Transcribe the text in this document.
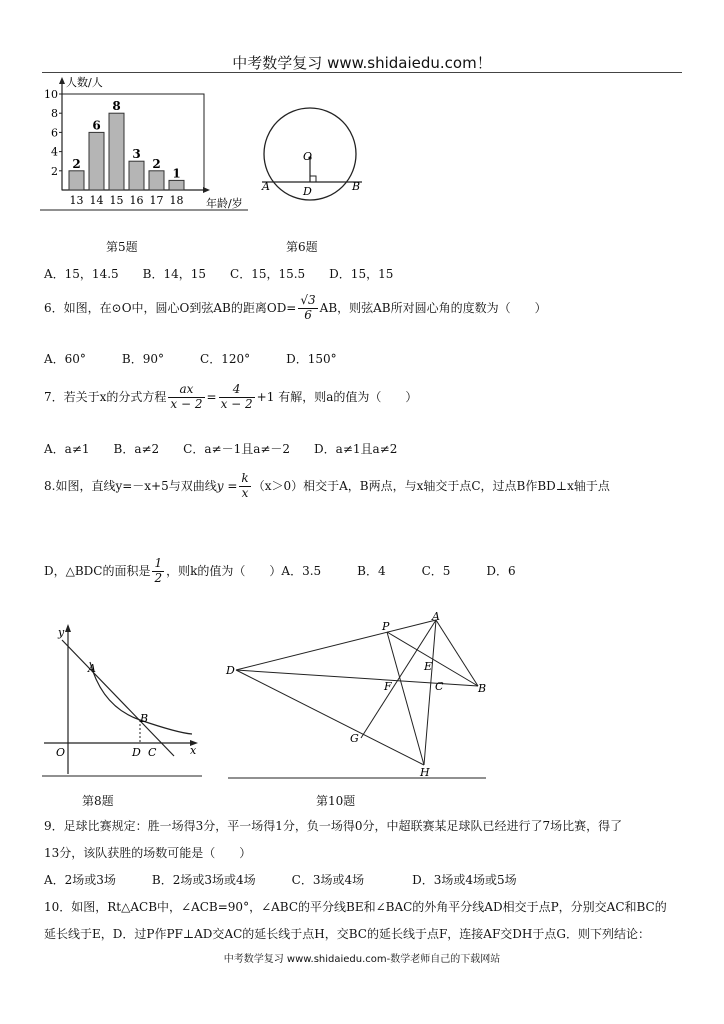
中考数学复习 www.shidaiedu.com！
2
4
6
8
10
2
13
6
14
8
15
3
16
2
17
1
18
人数/人
年龄/岁
O
A	D	B
第5题	第6题
A．15，14.5　　B．14，15　　C．15，15.5　　D．15，15
6．如图，在⊙O中，圆心O到弦AB的距离$OD= \frac{√3}{6}$ AB，则弦AB所对圆心角的度数为（　　）
A．60°　　　B．90°　　　C．120°　　　D．150°
7．若关于x的分式方程 $\frac{ax}{x - 2} = \frac{4}{x - 2} +1$ 有解，则a的值为（　　）
A．a≠1　　B．a≠2　　C．a≠－1且a≠－2　　D．a≠1且a≠2
8.如图，直线y=－x+5与双曲线$y = \frac{k}{x} (x>0)$相交于A，B两点，与x轴交于点C，过点B作BD⊥x轴于点
D，△BDC的面积是 $\frac{1}{2}$ ，则k的值为（　　）A．3.5　　　B．4　　　C．5　　　D．6
y
A
B
O	D C	x
P
A
D	E
F	C	B
G
H
第8题	第10题
9．足球比赛规定：胜一场得3分，平一场得1分，负一场得0分，中超联赛某足球队已经进行了7场比赛，得了
13分，该队获胜的场数可能是（　　）
A．2场或3场　　　B．2场或3场或4场　　　C．3场或4场　　　　D．3场或4场或5场
10．如图，Rt△ACB中，∠ACB=90°，∠ABC的平分线BE和∠BAC的外角平分线AD相交于点P，分别交AC和BC的
延长线于E，D．过P作PF⊥AD交AC的延长线于点H，交BC的延长线于点F，连接AF交DH于点G．则下列结论：
中考数学复习 www.shidaiedu.com-数学老师自己的下载网站
